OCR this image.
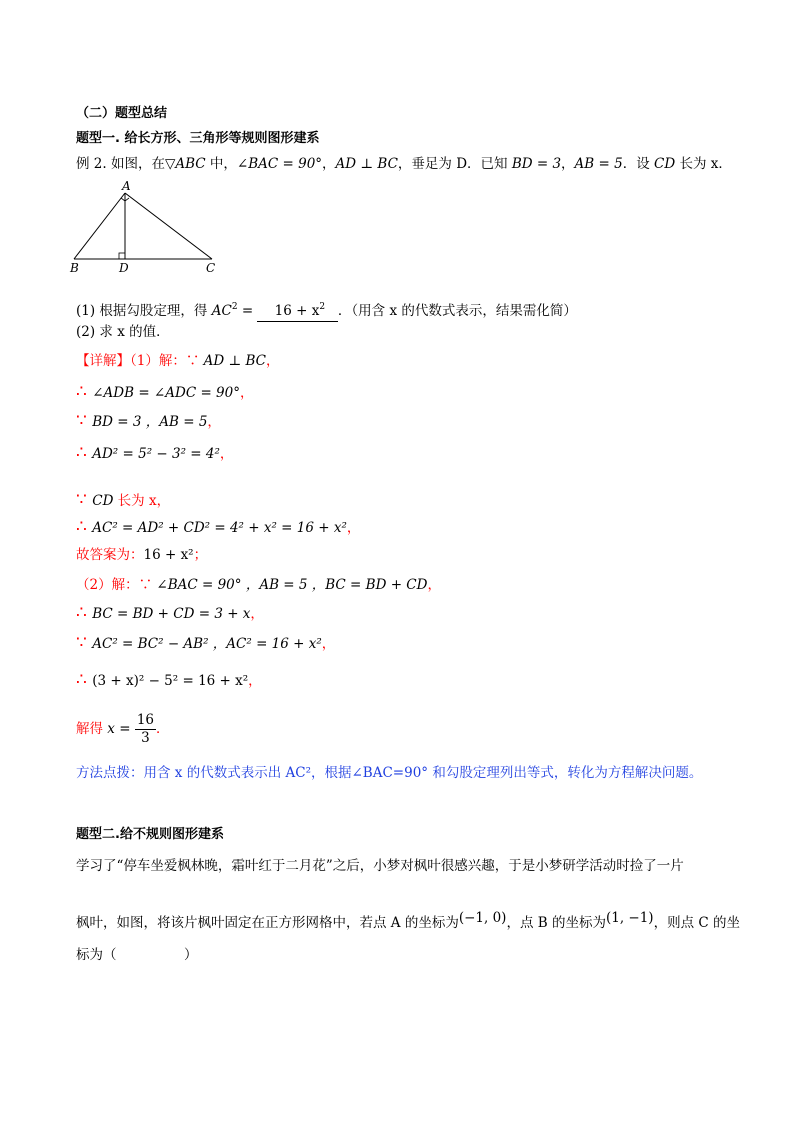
（二）题型总结
题型一. 给长方形、三角形等规则图形建系
例 2. 如图，在▽ABC 中，∠BAC = 90°，AD ⊥ BC，垂足为 D．已知 BD = 3，AB = 5．设 CD 长为 x．
A
B	D	C
(1) 根据勾股定理，得 $AC^2$ =     $16 + x^2$ ．（用含 x 的代数式表示，结果需化简）
(2) 求 x 的值．
【详解】（1）解：∵ AD ⊥ BC，
∴ ∠ADB = ∠ADC = 90°，
∵ BD = 3 ，AB = 5，
∴ AD² = 5² − 3² = 4²，
∵ CD 长为 x，
∴ AC² = AD² + CD² = 4² + x² = 16 + x²，
故答案为：16 + x²；
（2）解：∵ ∠BAC = 90° ，AB = 5 ，BC = BD + CD，
∴ BC = BD + CD = 3 + x，
∵ AC² = BC² − AB² ，AC² = 16 + x²，
∴ (3 + x)² − 5² = 16 + x²，
解得 $x = \frac{16}{3}$ ．
方法点拨：用含 x 的代数式表示出 AC²，根据∠BAC=90° 和勾股定理列出等式，转化为方程解决问题。
题型二.给不规则图形建系
学习了“停车坐爱枫林晚，霜叶红于二月花”之后，小梦对枫叶很感兴趣，于是小梦研学活动时捡了一片
枫叶，如图，将该片枫叶固定在正方形网格中，若点 A 的坐标为(−1, 0)，点 B 的坐标为(1, −1)，则点 C 的坐
标为（　　　　　）
